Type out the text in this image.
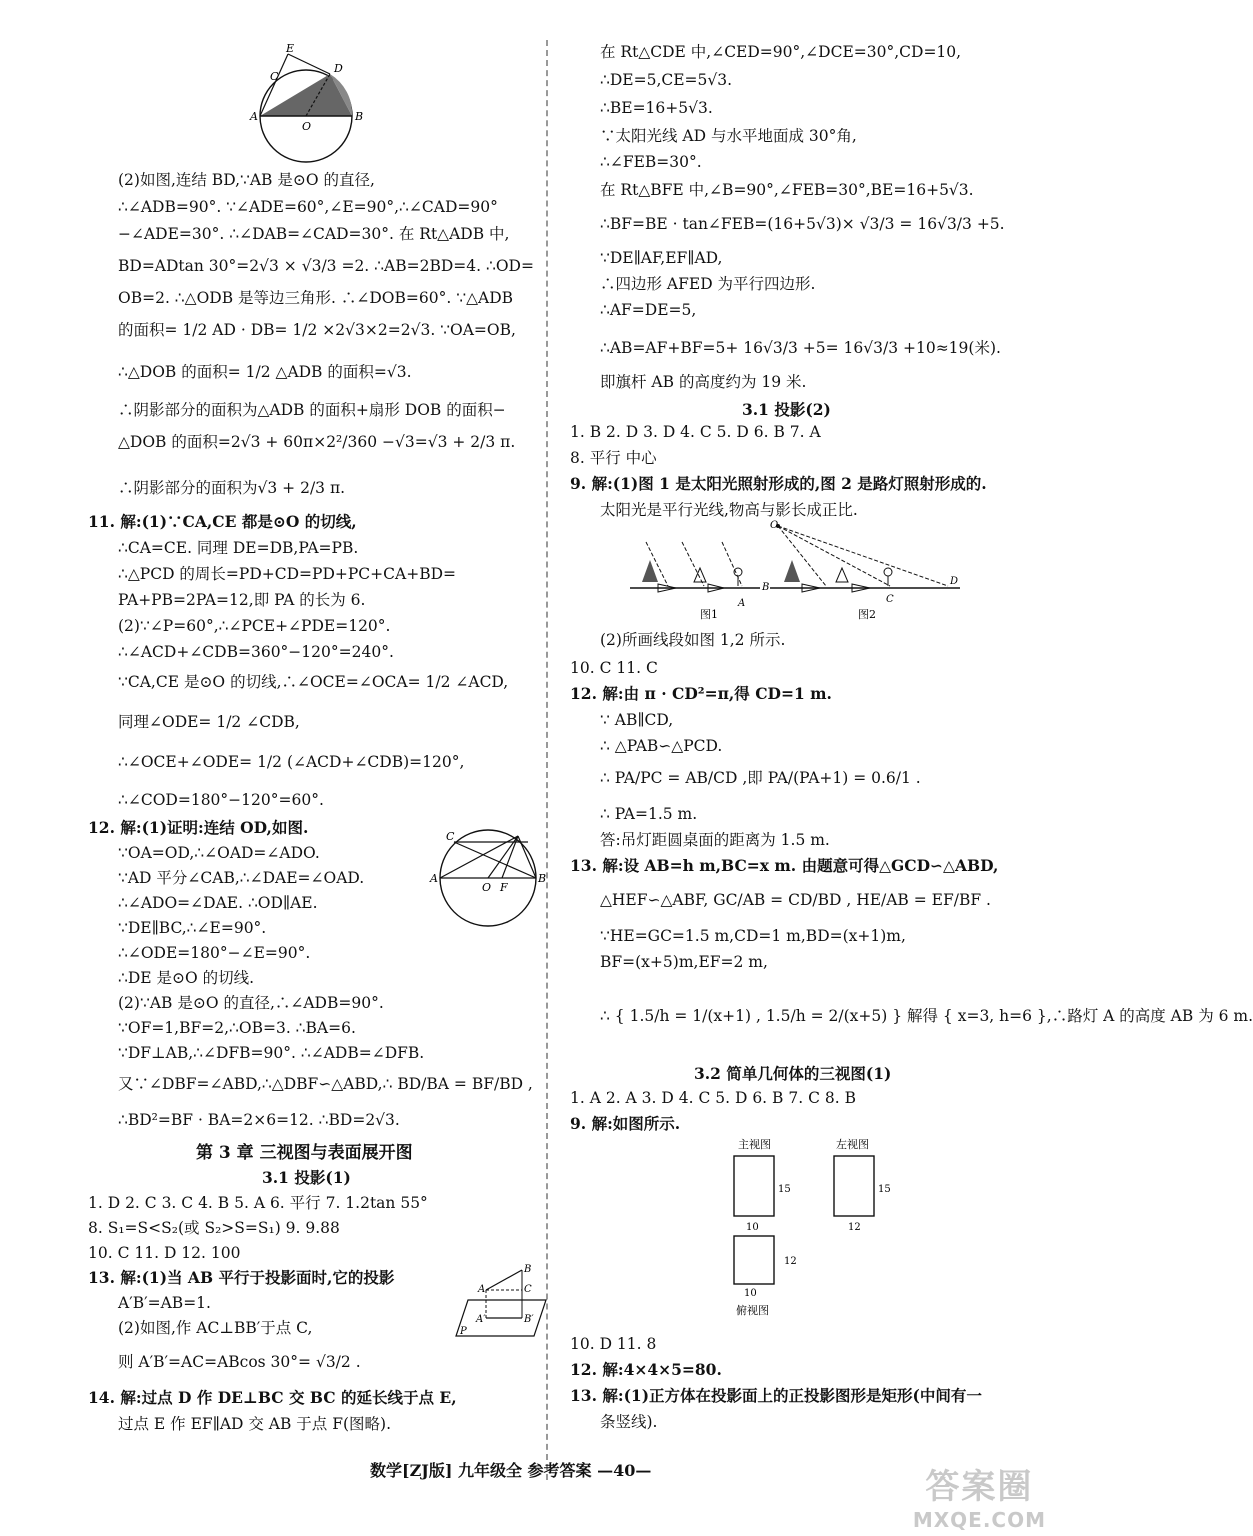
(2)如图,连结 BD,∵AB 是⊙O 的直径,
∴∠ADB=90°. ∵∠ADE=60°,∠E=90°,∴∠CAD=90°
−∠ADE=30°. ∴∠DAB=∠CAD=30°. 在 Rt△ADB 中,
BD=ADtan 30°=2√3 × √3/3 =2. ∴AB=2BD=4. ∴OD=
OB=2. ∴△ODB 是等边三角形. ∴∠DOB=60°. ∵△ADB
的面积= 1/2 AD · DB= 1/2 ×2√3×2=2√3. ∵OA=OB,
∴△DOB 的面积= 1/2 △ADB 的面积=√3.
∴阴影部分的面积为△ADB 的面积+扇形 DOB 的面积−
△DOB 的面积=2√3 + 60π×2²/360 −√3=√3 + 2/3 π.
∴阴影部分的面积为√3 + 2/3 π.
11. 解:(1)∵CA,CE 都是⊙O 的切线,
∴CA=CE. 同理 DE=DB,PA=PB.
∴△PCD 的周长=PD+CD=PD+PC+CA+BD=
PA+PB=2PA=12,即 PA 的长为 6.
(2)∵∠P=60°,∴∠PCE+∠PDE=120°.
∴∠ACD+∠CDB=360°−120°=240°.
∵CA,CE 是⊙O 的切线,∴∠OCE=∠OCA= 1/2 ∠ACD,
同理∠ODE= 1/2 ∠CDB,
∴∠OCE+∠ODE= 1/2 (∠ACD+∠CDB)=120°,
∴∠COD=180°−120°=60°.
12. 解:(1)证明:连结 OD,如图.
∵OA=OD,∴∠OAD=∠ADO.
∵AD 平分∠CAB,∴∠DAE=∠OAD.
∴∠ADO=∠DAE. ∴OD∥AE.
∵DE∥BC,∴∠E=90°.
∴∠ODE=180°−∠E=90°.
∴DE 是⊙O 的切线.
(2)∵AB 是⊙O 的直径,∴∠ADB=90°.
∵OF=1,BF=2,∴OB=3. ∴BA=6.
∵DF⊥AB,∴∠DFB=90°. ∴∠ADB=∠DFB.
又∵∠DBF=∠ABD,∴△DBF∽△ABD,∴ BD/BA = BF/BD ,
∴BD²=BF · BA=2×6=12. ∴BD=2√3.
1. D 2. C 3. C 4. B 5. A 6. 平行 7. 1.2tan 55°
8. S₁=S<S₂(或 S₂>S=S₁) 9. 9.88
10. C 11. D 12. 100
13. 解:(1)当 AB 平行于投影面时,它的投影
A′B′=AB=1.
(2)如图,作 AC⊥BB′于点 C,
则 A′B′=AC=ABcos 30°= √3/2 .
14. 解:过点 D 作 DE⊥BC 交 BC 的延长线于点 E,
过点 E 作 EF∥AD 交 AB 于点 F(图略).
在 Rt△CDE 中,∠CED=90°,∠DCE=30°,CD=10,
∴DE=5,CE=5√3.
∴BE=16+5√3.
∵太阳光线 AD 与水平地面成 30°角,
∴∠FEB=30°.
在 Rt△BFE 中,∠B=90°,∠FEB=30°,BE=16+5√3.
∴BF=BE · tan∠FEB=(16+5√3)× √3/3 = 16√3/3 +5.
∵DE∥AF,EF∥AD,
∴四边形 AFED 为平行四边形.
∴AF=DE=5,
∴AB=AF+BF=5+ 16√3/3 +5= 16√3/3 +10≈19(米).
即旗杆 AB 的高度约为 19 米.
1. B 2. D 3. D 4. C 5. D 6. B 7. A
8. 平行 中心
9. 解:(1)图 1 是太阳光照射形成的,图 2 是路灯照射形成的.
太阳光是平行光线,物高与影长成正比.
(2)所画线段如图 1,2 所示.
10. C 11. C
12. 解:由 π · CD²=π,得 CD=1 m.
∵ AB∥CD,
∴ △PAB∽△PCD.
∴ PA/PC = AB/CD ,即 PA/(PA+1) = 0.6/1 .
∴ PA=1.5 m.
答:吊灯距圆桌面的距离为 1.5 m.
13. 解:设 AB=h m,BC=x m. 由题意可得△GCD∽△ABD,
△HEF∽△ABF, GC/AB = CD/BD , HE/AB = EF/BF .
∵HE=GC=1.5 m,CD=1 m,BD=(x+1)m,
BF=(x+5)m,EF=2 m,
∴ { 1.5/h = 1/(x+1) , 1.5/h = 2/(x+5) } 解得 { x=3, h=6 },∴路灯 A 的高度 AB 为 6 m.
1. A 2. A 3. D 4. C 5. D 6. B 7. C 8. B
9. 解:如图所示.
10. D 11. 8
12. 解:4×4×5=80.
13. 解:(1)正方体在投影面上的正投影图形是矩形(中间有一
条竖线).
第 3 章 三视图与表面展开图
3.1 投影(1)
3.1 投影(2)
3.2 简单几何体的三视图(1)
A	B
O
D
C
E
A	B
C
O F
A
B
C
A′	B′
P
B
A
图1
O
C
D
图2
主视图	左视图
15	15
10	12
12
10
俯视图
数学[ZJ版] 九年级全 参考答案 —40—	答案圈
MXQE.COM
